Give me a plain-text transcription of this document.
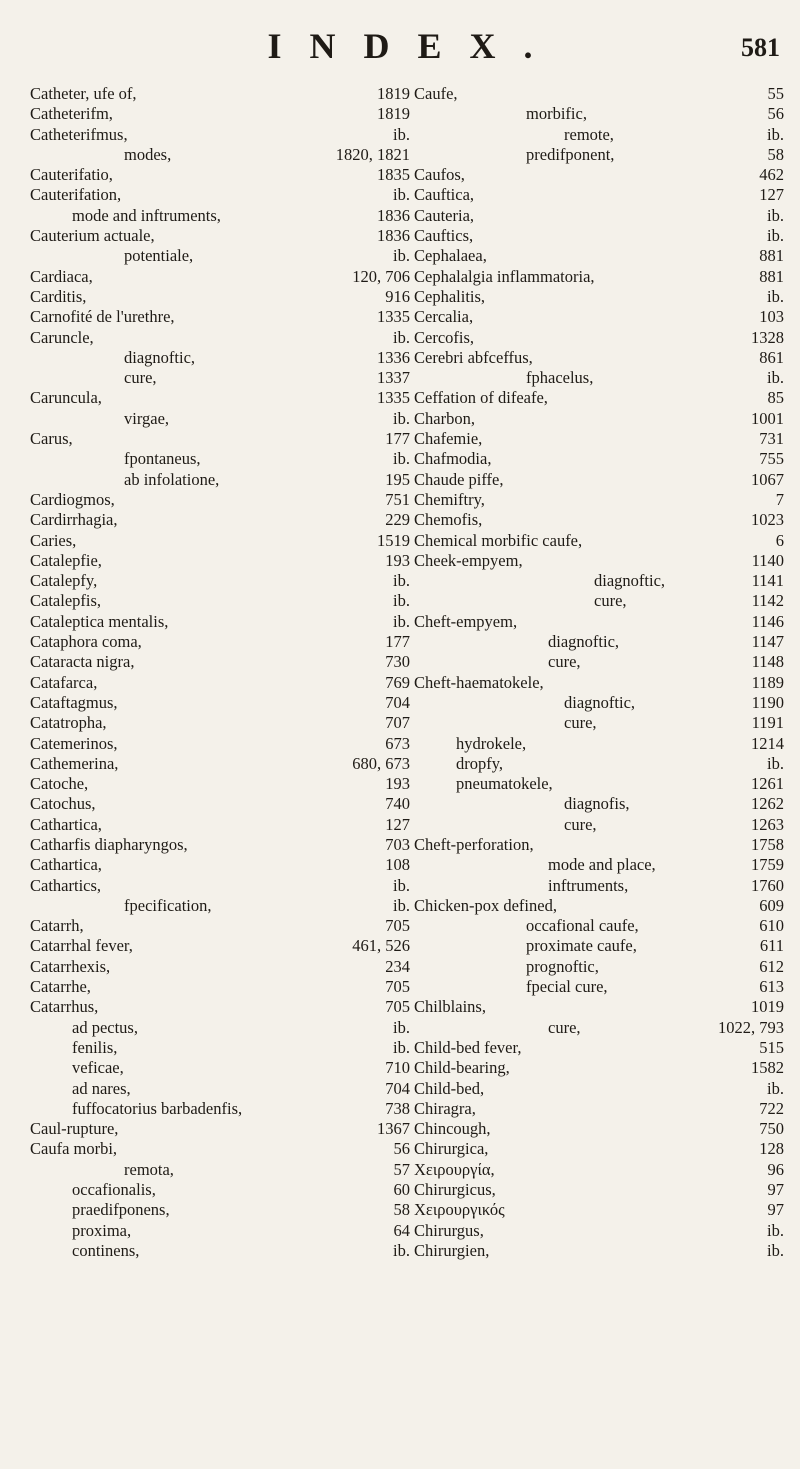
INDEX.	581
Catheter, ufe of,	1819
Catheterifm,	1819
Catheterifmus,	ib.
modes,	1820, 1821
Cauterifatio,	1835
Cauterifation,	ib.
mode and inftruments,	1836
Cauterium actuale,	1836
potentiale,	ib.
Cardiaca,	120, 706
Carditis,	916
Carnofité de l'urethre,	1335
Caruncle,	ib.
diagnoftic,	1336
cure,	1337
Caruncula,	1335
virgae,	ib.
Carus,	177
fpontaneus,	ib.
ab infolatione,	195
Cardiogmos,	751
Cardirrhagia,	229
Caries,	1519
Catalepfie,	193
Catalepfy,	ib.
Catalepfis,	ib.
Cataleptica mentalis,	ib.
Cataphora coma,	177
Cataracta nigra,	730
Catafarca,	769
Cataftagmus,	704
Catatropha,	707
Catemerinos,	673
Cathemerina,	680, 673
Catoche,	193
Catochus,	740
Cathartica,	127
Catharfis diapharyngos,	703
Cathartica,	108
Cathartics,	ib.
fpecification,	ib.
Catarrh,	705
Catarrhal fever,	461, 526
Catarrhexis,	234
Catarrhe,	705
Catarrhus,	705
ad pectus,	ib.
fenilis,	ib.
veficae,	710
ad nares,	704
fuffocatorius barbadenfis,	738
Caul-rupture,	1367
Caufa morbi,	56
remota,	57
occafionalis,	60
praedifponens,	58
proxima,	64
continens,	ib.
Caufe,	55
morbific,	56
remote,	ib.
predifponent,	58
Caufos,	462
Cauftica,	127
Cauteria,	ib.
Cauftics,	ib.
Cephalaea,	881
Cephalalgia inflammatoria,	881
Cephalitis,	ib.
Cercalia,	103
Cercofis,	1328
Cerebri abfceffus,	861
fphacelus,	ib.
Ceffation of difeafe,	85
Charbon,	1001
Chafemie,	731
Chafmodia,	755
Chaude piffe,	1067
Chemiftry,	7
Chemofis,	1023
Chemical morbific caufe,	6
Cheek-empyem,	1140
diagnoftic,	1141
cure,	1142
Cheft-empyem,	1146
diagnoftic,	1147
cure,	1148
Cheft-haematokele,	1189
diagnoftic,	1190
cure,	1191
hydrokele,	1214
dropfy,	ib.
pneumatokele,	1261
diagnofis,	1262
cure,	1263
Cheft-perforation,	1758
mode and place,	1759
inftruments,	1760
Chicken-pox defined,	609
occafional caufe,	610
proximate caufe,	611
prognoftic,	612
fpecial cure,	613
Chilblains,	1019
cure,	1022, 793
Child-bed fever,	515
Child-bearing,	1582
Child-bed,	ib.
Chiragra,	722
Chincough,	750
Chirurgica,	128
Χειρουργία,	96
Chirurgicus,	97
Χειρουργικός	97
Chirurgus,	ib.
Chirurgien,	ib.
